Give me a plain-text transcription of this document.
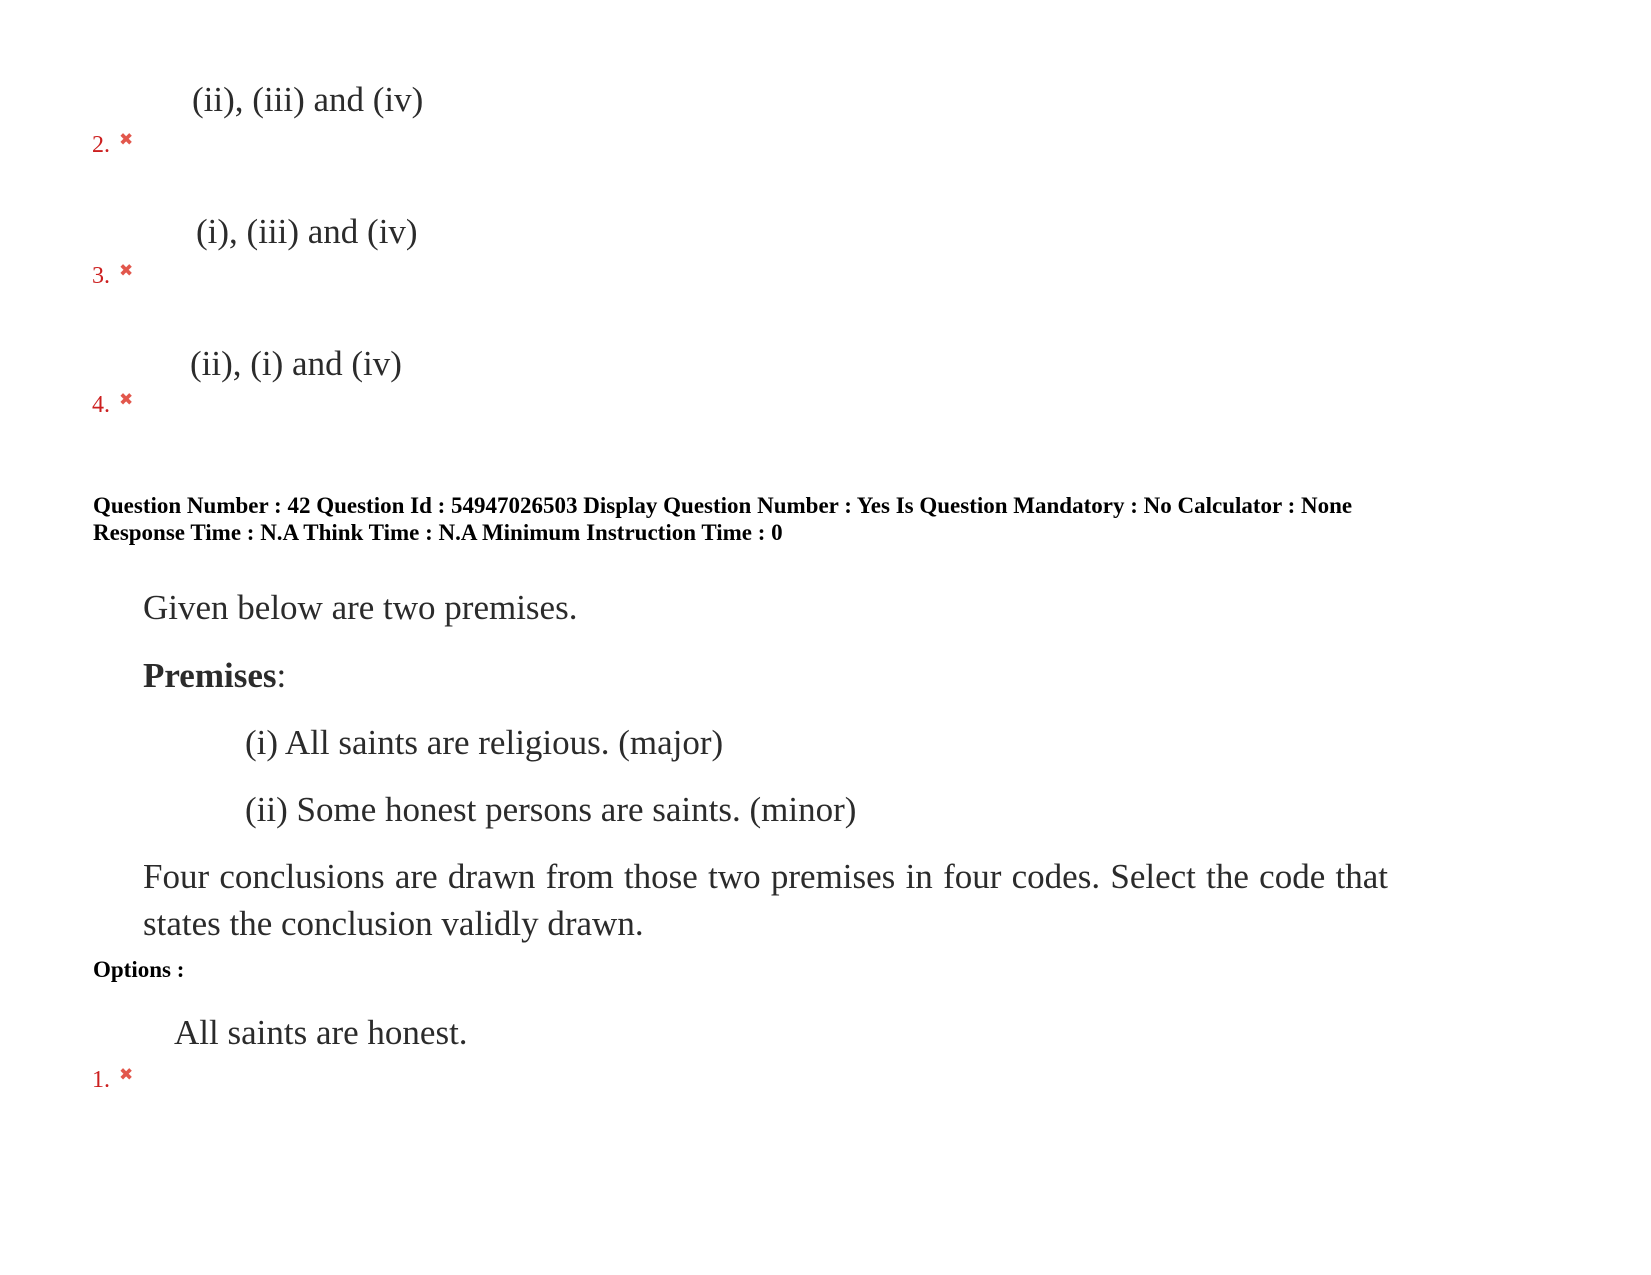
(ii), (iii) and (iv)
2. ✖
(i), (iii) and (iv)
3. ✖
(ii), (i) and (iv)
4. ✖
Question Number : 42 Question Id : 54947026503 Display Question Number : Yes Is Question Mandatory : No Calculator : None
Response Time : N.A Think Time : N.A Minimum Instruction Time : 0
Given below are two premises.
Premises:
(i) All saints are religious. (major)
(ii) Some honest persons are saints. (minor)
Four conclusions are drawn from those two premises in four codes. Select the code that states the conclusion validly drawn.
Options :
All saints are honest.
1. ✖
